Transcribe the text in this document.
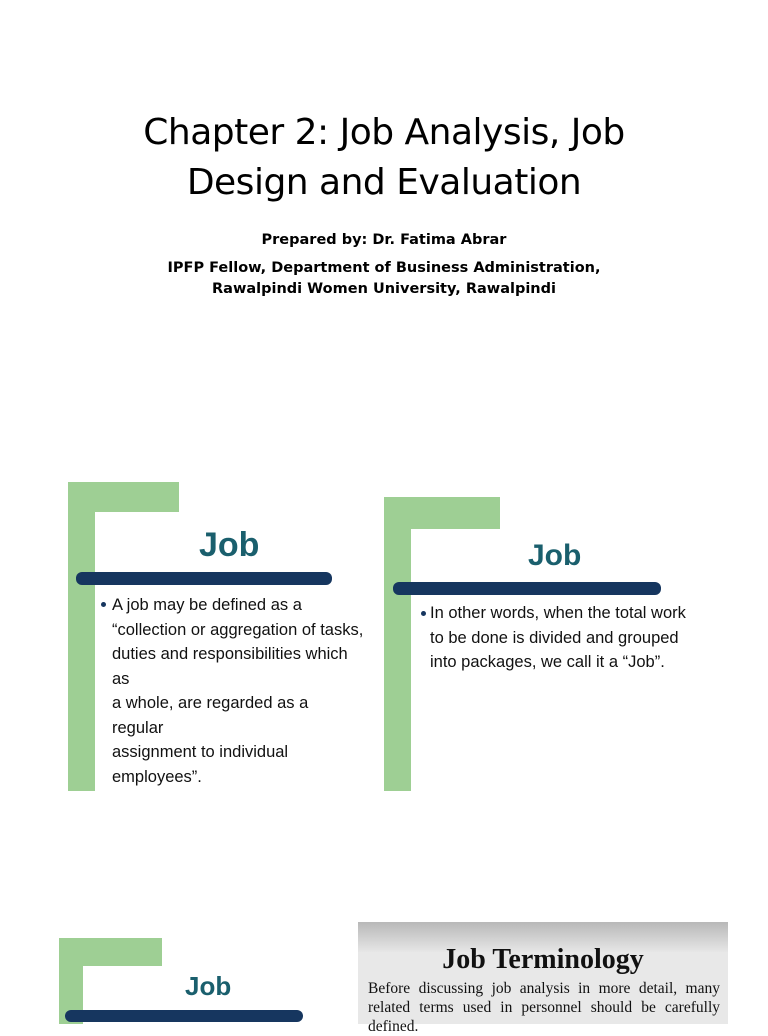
Chapter 2: Job Analysis, Job
Design and Evaluation
Prepared by: Dr. Fatima Abrar
IPFP Fellow, Department of Business Administration,
Rawalpindi Women University, Rawalpindi
Job
A job may be defined as a
“collection or aggregation of tasks,
duties and responsibilities which as
a whole, are regarded as a regular
assignment to individual
employees”.
Job
In other words, when the total work
to be done is divided and grouped
into packages, we call it a “Job”.
Job
Job Terminology
Before discussing job analysis in more detail, many related terms used in personnel should be carefully defined.
